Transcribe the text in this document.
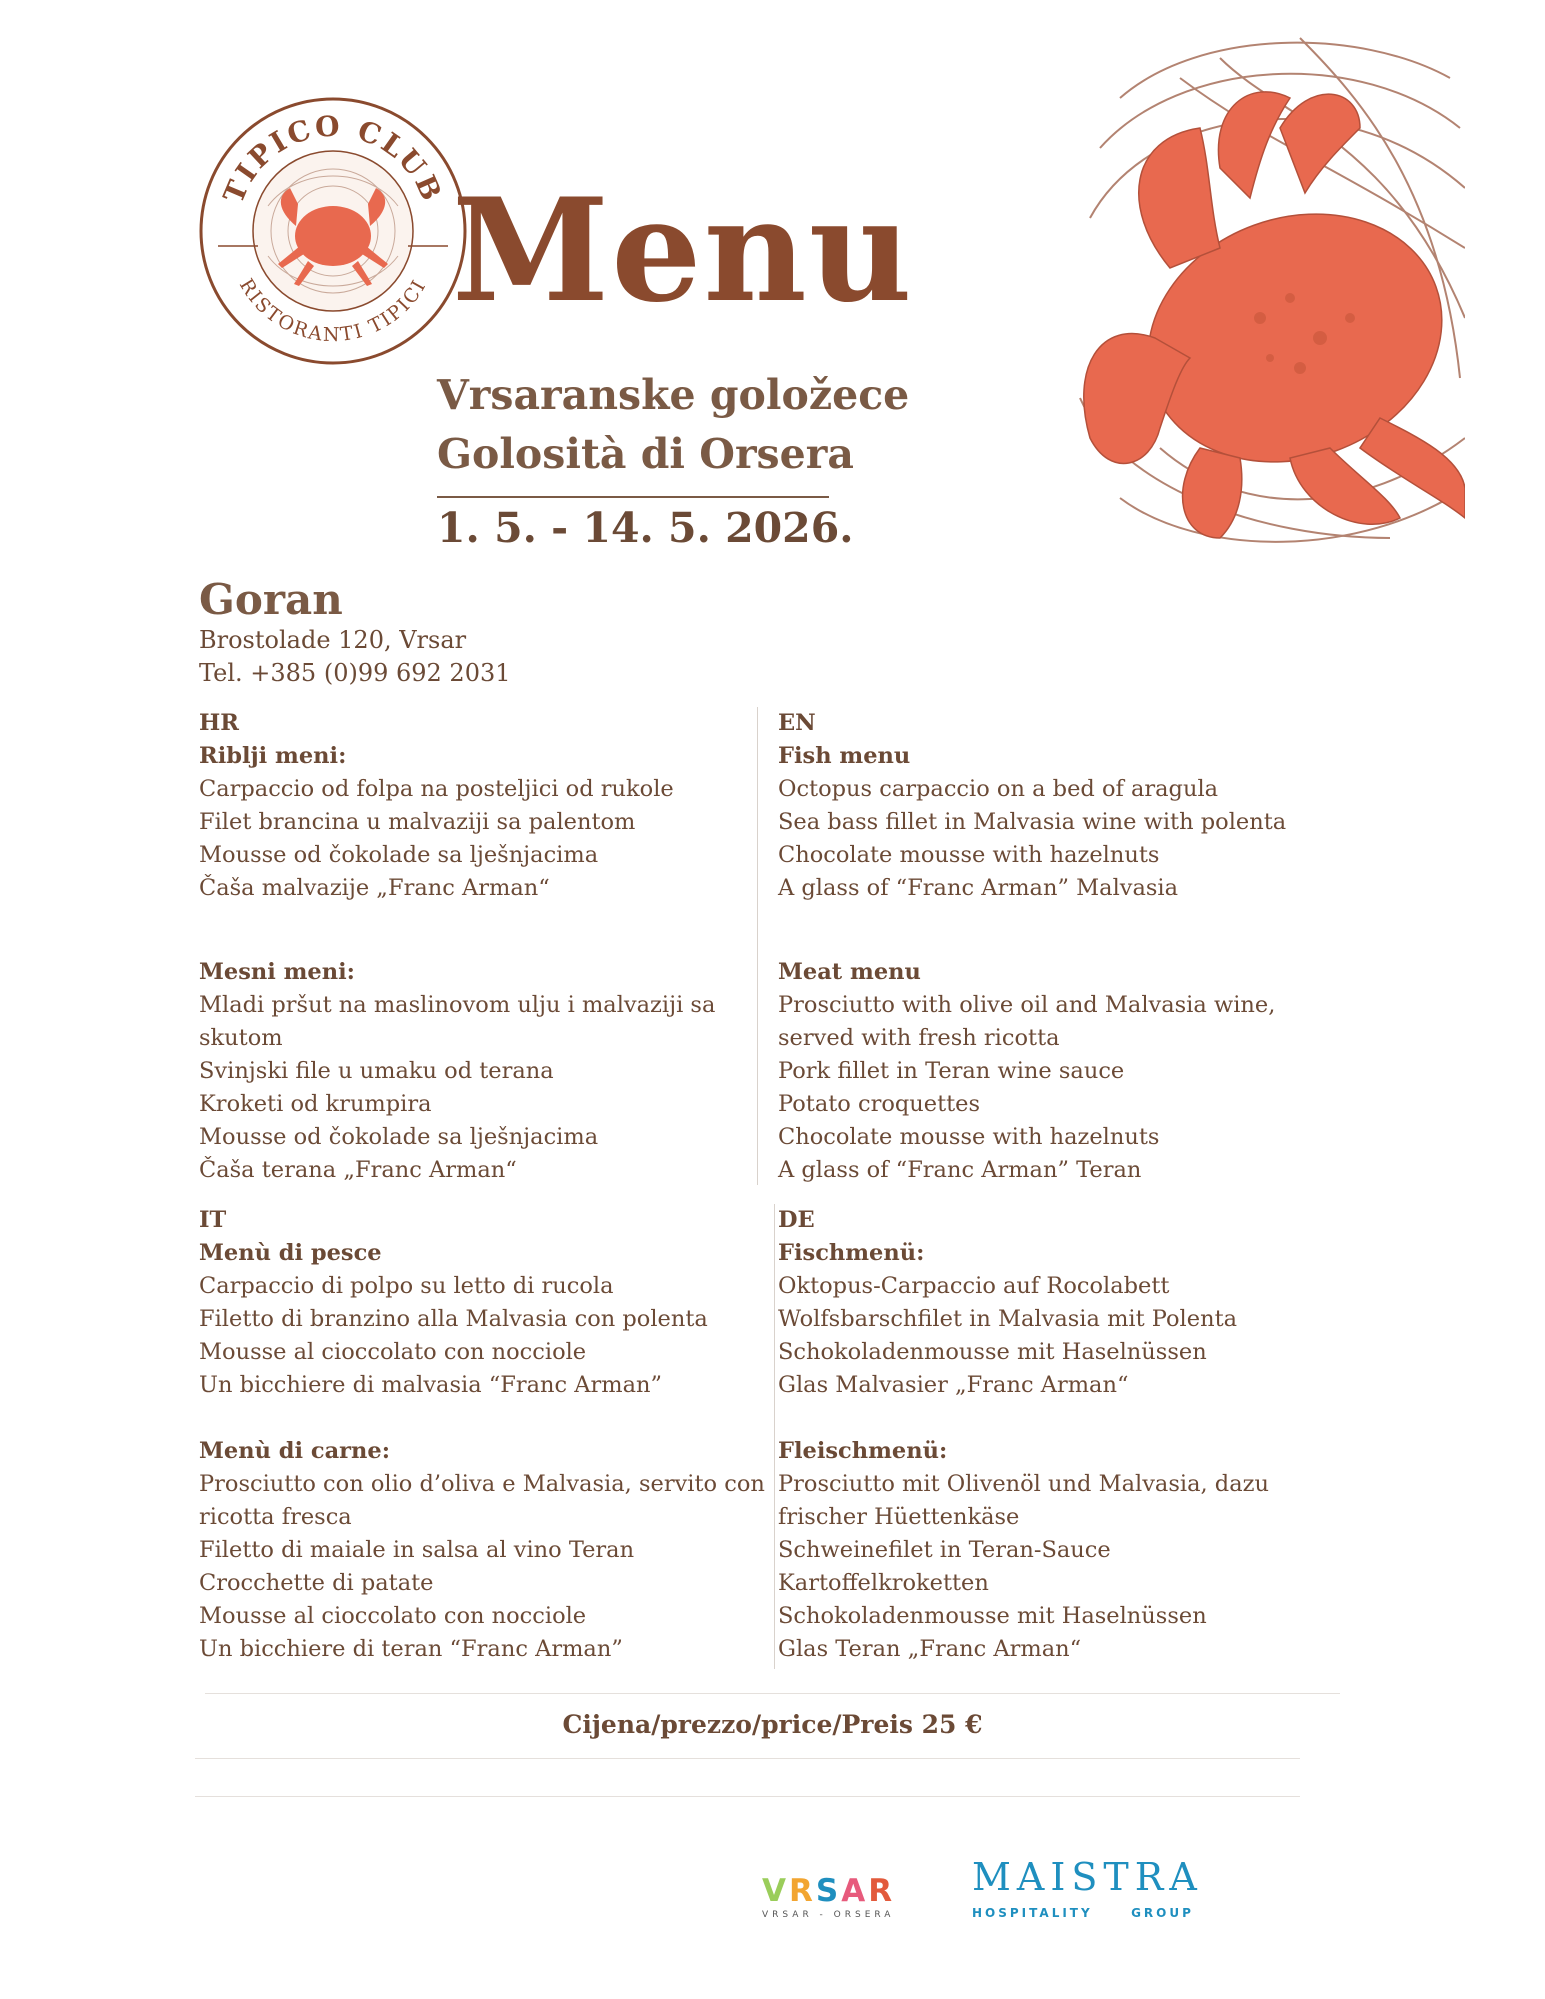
TIPICO CLUB
RISTORANTI TIPICI Menu
Vrsaranske goložece
Golosità di Orsera
1. 5. - 14. 5. 2026.
Goran
Brostolade 120, Vrsar
Tel. +385 (0)99 692 2031
HR
Riblji meni:
Carpaccio od folpa na posteljici od rukole
Filet brancina u malvaziji sa palentom
Mousse od čokolade sa lješnjacima
Čaša malvazije „Franc Arman“
Mesni meni:
Mladi pršut na maslinovom ulju i malvaziji sa
skutom
Svinjski file u umaku od terana
Kroketi od krumpira
Mousse od čokolade sa lješnjacima
Čaša terana „Franc Arman“
EN
Fish menu
Octopus carpaccio on a bed of aragula
Sea bass fillet in Malvasia wine with polenta
Chocolate mousse with hazelnuts
A glass of “Franc Arman” Malvasia
Meat menu
Prosciutto with olive oil and Malvasia wine,
served with fresh ricotta
Pork fillet in Teran wine sauce
Potato croquettes
Chocolate mousse with hazelnuts
A glass of “Franc Arman” Teran
IT
Menù di pesce
Carpaccio di polpo su letto di rucola
Filetto di branzino alla Malvasia con polenta
Mousse al cioccolato con nocciole
Un bicchiere di malvasia “Franc Arman”
Menù di carne:
Prosciutto con olio d’oliva e Malvasia, servito con
ricotta fresca
Filetto di maiale in salsa al vino Teran
Crocchette di patate
Mousse al cioccolato con nocciole
Un bicchiere di teran “Franc Arman”
DE
Fischmenü:
Oktopus-Carpaccio auf Rocolabett
Wolfsbarschfilet in Malvasia mit Polenta
Schokoladenmousse mit Haselnüssen
Glas Malvasier „Franc Arman“
Fleischmenü:
Prosciutto mit Olivenöl und Malvasia, dazu
frischer Hüettenkäse
Schweinefilet in Teran-Sauce
Kartoffelkroketten
Schokoladenmousse mit Haselnüssen
Glas Teran „Franc Arman“
Cijena/prezzo/price/Preis 25 €
VRSAR
VRSAR - ORSERA
MAISTRA
HOSPITALITY	GROUP
